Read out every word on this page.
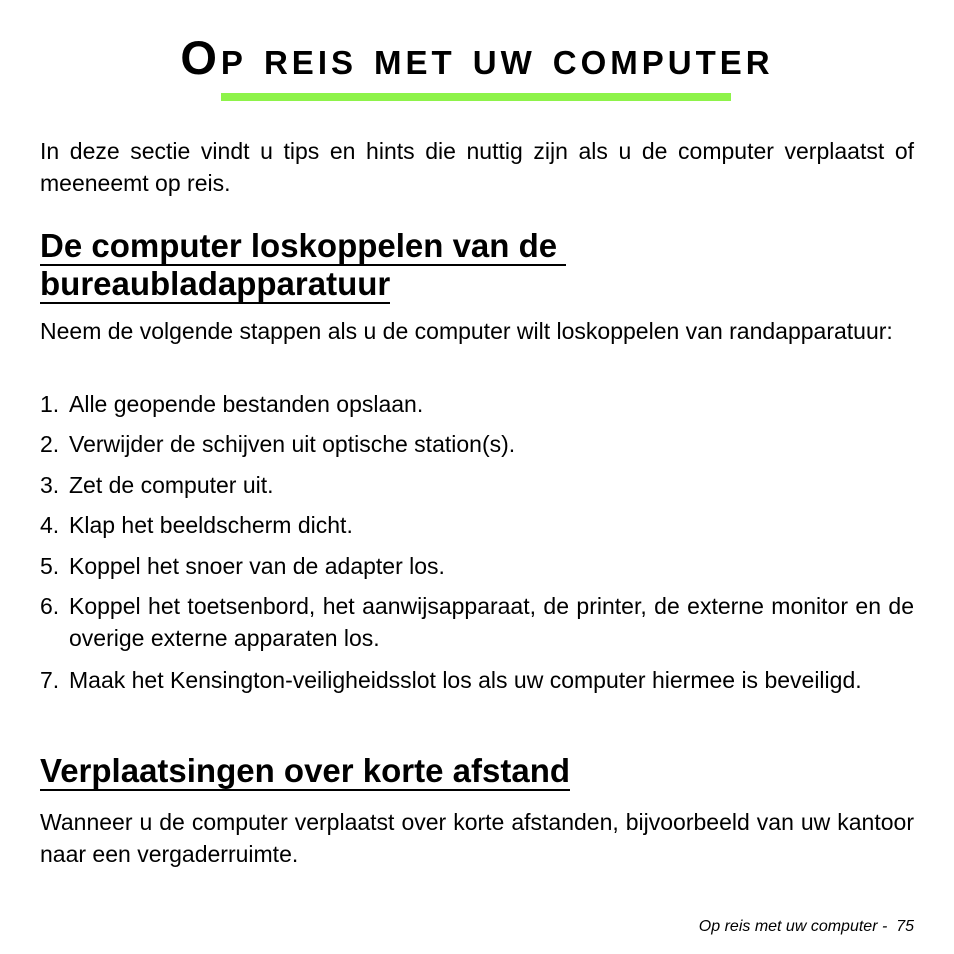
Op reis met uw computer

In deze sectie vindt u tips en hints die nuttig zijn als u de computer verplaatst of meeneemt op reis.

De computer loskoppelen van de
bureaubladapparatuur

Neem de volgende stappen als u de computer wilt loskoppelen van randapparatuur:

1. Alle geopende bestanden opslaan.
2. Verwijder de schijven uit optische station(s).
3. Zet de computer uit.
4. Klap het beeldscherm dicht.
5. Koppel het snoer van de adapter los.
6. Koppel het toetsenbord, het aanwijsapparaat, de printer, de externe monitor en de overige externe apparaten los.
7. Maak het Kensington-veiligheidsslot los als uw computer hiermee is beveiligd.
Verplaatsingen over korte afstand

Wanneer u de computer verplaatst over korte afstanden, bijvoorbeeld van uw kantoor naar een vergaderruimte.

Op reis met uw computer -  75
